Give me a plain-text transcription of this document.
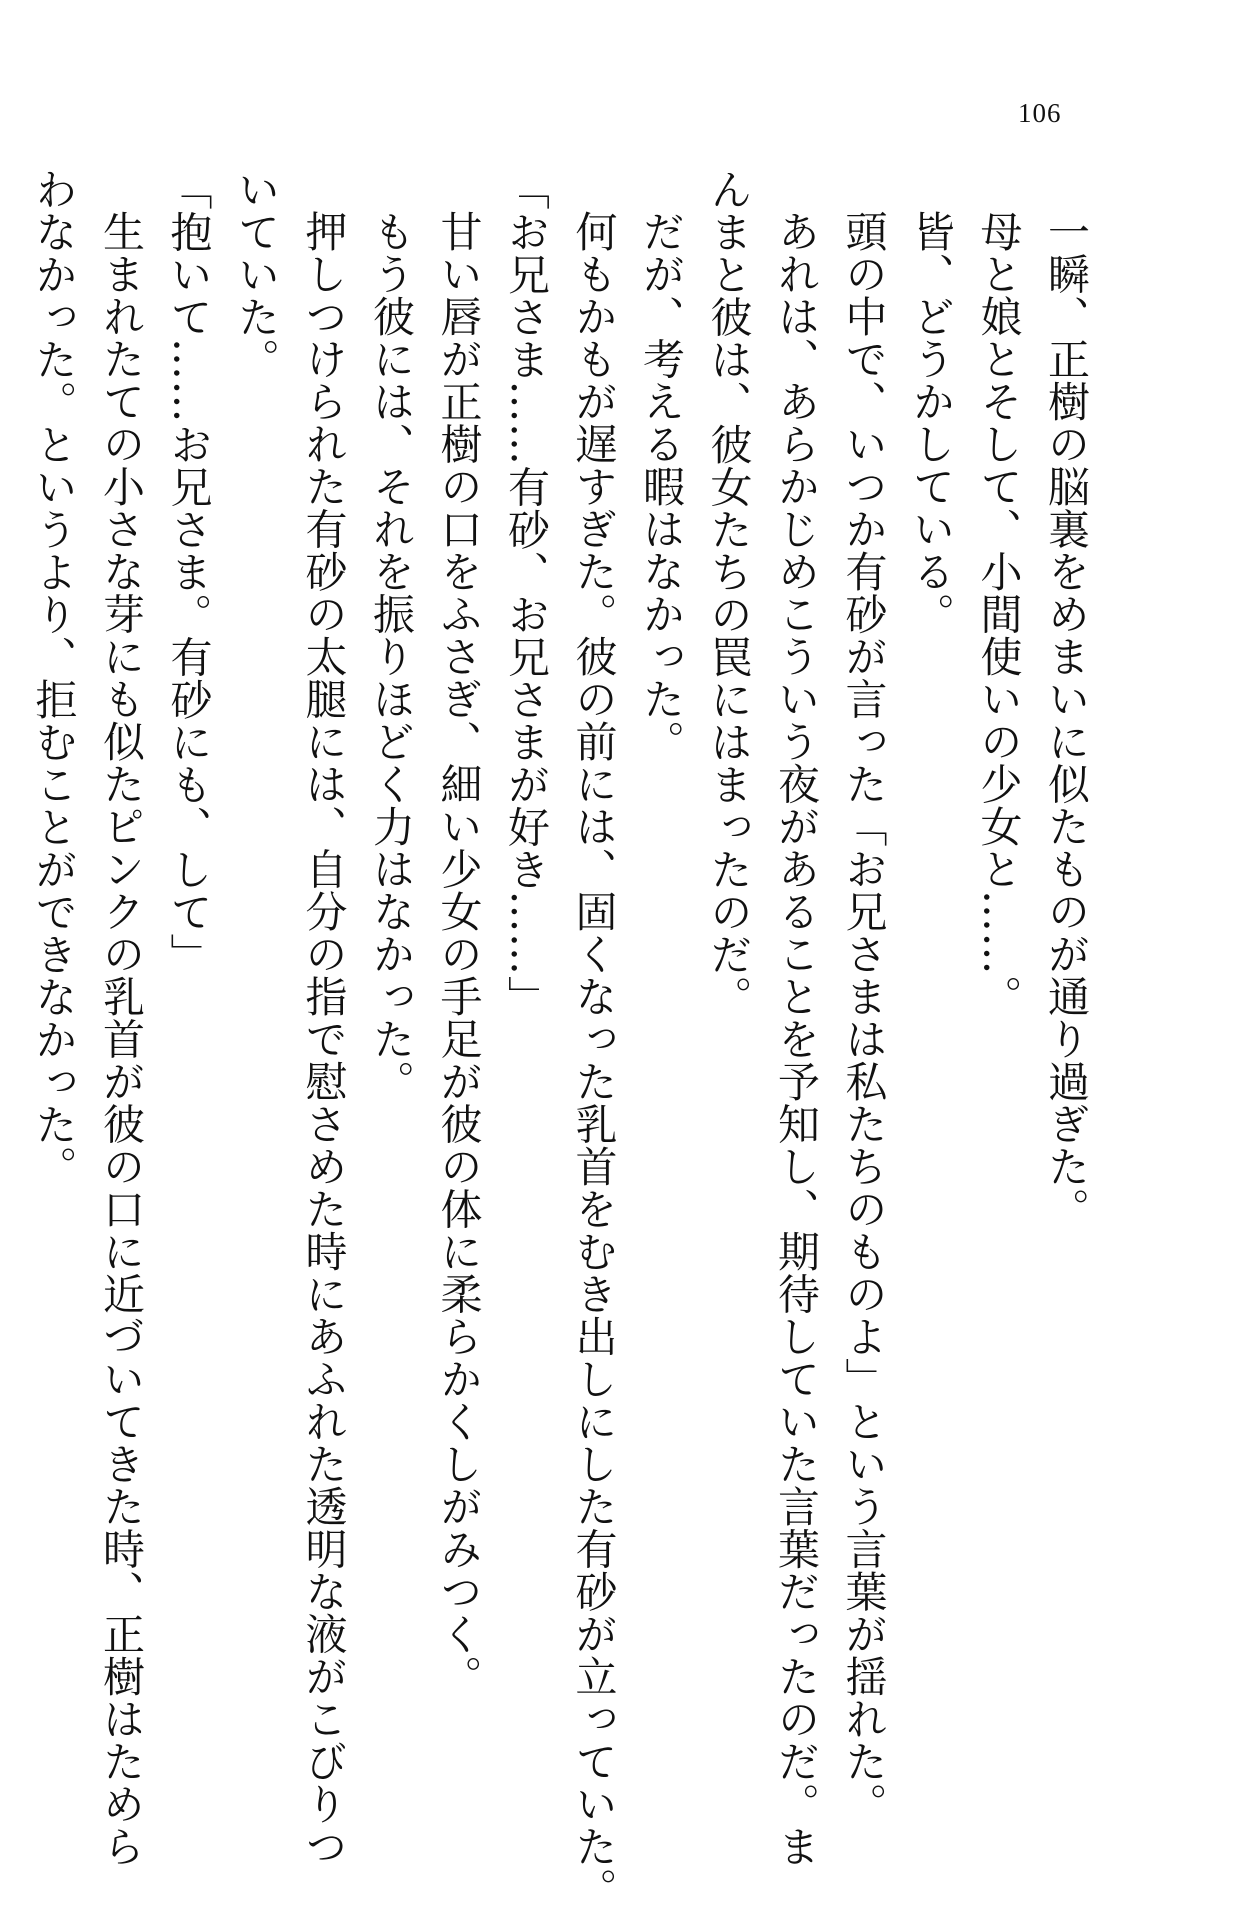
106

一瞬、正樹の脳裏をめまいに似たものが通り過ぎた。

母と娘とそして、小間使いの少女と……。

皆、どうかしている。

頭の中で、いつか有砂が言った「お兄さまは私たちのものよ」という言葉が揺れた。

あれは、あらかじめこういう夜があることを予知し、期待していた言葉だったのだ。ま

んまと彼は、彼女たちの罠にはまったのだ。

だが、考える暇はなかった。

何もかもが遅すぎた。彼の前には、固くなった乳首をむき出しにした有砂が立っていた。

「お兄さま……有砂、お兄さまが好き……」

甘い唇が正樹の口をふさぎ、細い少女の手足が彼の体に柔らかくしがみつく。

もう彼には、それを振りほどく力はなかった。

押しつけられた有砂の太腿には、自分の指で慰さめた時にあふれた透明な液がこびりつ

いていた。

「抱いて……お兄さま。有砂にも、して」

生まれたての小さな芽にも似たピンクの乳首が彼の口に近づいてきた時、正樹はためら

わなかった。というより、拒むことができなかった。
